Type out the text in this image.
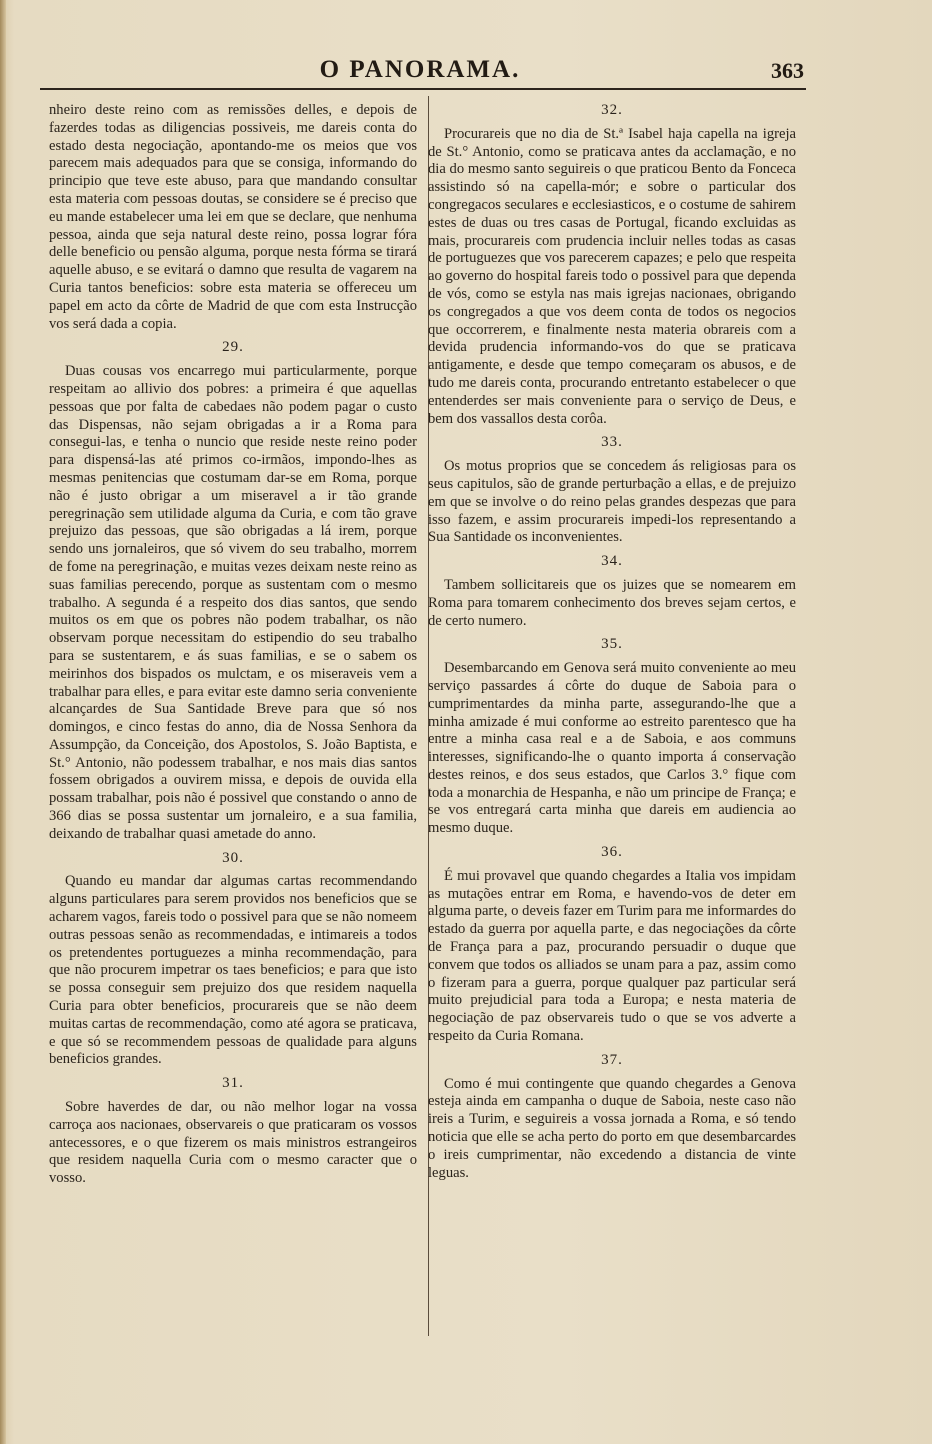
O PANORAMA.	363

nheiro deste reino com as remissões delles, e depois de fazerdes todas as diligencias possiveis, me dareis conta do estado desta negociação, apontando-me os meios que vos parecem mais adequados para que se consiga, informando do principio que teve este abuso, para que mandando consultar esta materia com pessoas doutas, se considere se é preciso que eu mande estabelecer uma lei em que se declare, que nenhuma pessoa, ainda que seja natural deste reino, possa lograr fóra delle beneficio ou pensão alguma, porque nesta fórma se tirará aquelle abuso, e se evitará o damno que resulta de vagarem na Curia tantos beneficios: sobre esta materia se offereceu um papel em acto da côrte de Madrid de que com esta Instrucção vos será dada a copia.

29.

Duas cousas vos encarrego mui particularmente, porque respeitam ao allivio dos pobres: a primeira é que aquellas pessoas que por falta de cabedaes não podem pagar o custo das Dispensas, não sejam obrigadas a ir a Roma para consegui-las, e tenha o nuncio que reside neste reino poder para dispensá-las até primos co-irmãos, impondo-lhes as mesmas penitencias que costumam dar-se em Roma, porque não é justo obrigar a um miseravel a ir tão grande peregrinação sem utilidade alguma da Curia, e com tão grave prejuizo das pessoas, que são obrigadas a lá irem, porque sendo uns jornaleiros, que só vivem do seu trabalho, morrem de fome na peregrinação, e muitas vezes deixam neste reino as suas familias perecendo, porque as sustentam com o mesmo trabalho. A segunda é a respeito dos dias santos, que sendo muitos os em que os pobres não podem trabalhar, os não observam porque necessitam do estipendio do seu trabalho para se sustentarem, e ás suas familias, e se o sabem os meirinhos dos bispados os mulctam, e os miseraveis vem a trabalhar para elles, e para evitar este damno seria conveniente alcançardes de Sua Santidade Breve para que só nos domingos, e cinco festas do anno, dia de Nossa Senhora da Assumpção, da Conceição, dos Apostolos, S. João Baptista, e St.° Antonio, não podessem trabalhar, e nos mais dias santos fossem obrigados a ouvirem missa, e depois de ouvida ella possam trabalhar, pois não é possivel que constando o anno de 366 dias se possa sustentar um jornaleiro, e a sua familia, deixando de trabalhar quasi ametade do anno.

30.

Quando eu mandar dar algumas cartas recommendando alguns particulares para serem providos nos beneficios que se acharem vagos, fareis todo o possivel para que se não nomeem outras pessoas senão as recommendadas, e intimareis a todos os pretendentes portuguezes a minha recommendação, para que não procurem impetrar os taes beneficios; e para que isto se possa conseguir sem prejuizo dos que residem naquella Curia para obter beneficios, procurareis que se não deem muitas cartas de recommendação, como até agora se praticava, e que só se recommendem pessoas de qualidade para alguns beneficios grandes.

31.

Sobre haverdes de dar, ou não melhor logar na vossa carroça aos nacionaes, observareis o que praticaram os vossos antecessores, e o que fizerem os mais ministros estrangeiros que residem naquella Curia com o mesmo caracter que o vosso.

32.

Procurareis que no dia de St.ª Isabel haja capella na igreja de St.° Antonio, como se praticava antes da acclamação, e no dia do mesmo santo seguireis o que praticou Bento da Fonceca assistindo só na capella-mór; e sobre o particular dos congregacos seculares e ecclesiasticos, e o costume de sahirem estes de duas ou tres casas de Portugal, ficando excluidas as mais, procurareis com prudencia incluir nelles todas as casas de portuguezes que vos parecerem capazes; e pelo que respeita ao governo do hospital fareis todo o possivel para que dependa de vós, como se estyla nas mais igrejas nacionaes, obrigando os congregados a que vos deem conta de todos os negocios que occorrerem, e finalmente nesta materia obrareis com a devida prudencia informando-vos do que se praticava antigamente, e desde que tempo começaram os abusos, e de tudo me dareis conta, procurando entretanto estabelecer o que entenderdes ser mais conveniente para o serviço de Deus, e bem dos vassallos desta corôa.

33.

Os motus proprios que se concedem ás religiosas para os seus capitulos, são de grande perturbação a ellas, e de prejuizo em que se involve o do reino pelas grandes despezas que para isso fazem, e assim procurareis impedi-los representando a Sua Santidade os inconvenientes.

34.

Tambem sollicitareis que os juizes que se nomearem em Roma para tomarem conhecimento dos breves sejam certos, e de certo numero.

35.

Desembarcando em Genova será muito conveniente ao meu serviço passardes á côrte do duque de Saboia para o cumprimentardes da minha parte, assegurando-lhe que a minha amizade é mui conforme ao estreito parentesco que ha entre a minha casa real e a de Saboia, e aos communs interesses, significando-lhe o quanto importa á conservação destes reinos, e dos seus estados, que Carlos 3.° fique com toda a monarchia de Hespanha, e não um principe de França; e se vos entregará carta minha que dareis em audiencia ao mesmo duque.

36.

É mui provavel que quando chegardes a Italia vos impidam as mutações entrar em Roma, e havendo-vos de deter em alguma parte, o deveis fazer em Turim para me informardes do estado da guerra por aquella parte, e das negociações da côrte de França para a paz, procurando persuadir o duque que convem que todos os alliados se unam para a paz, assim como o fizeram para a guerra, porque qualquer paz particular será muito prejudicial para toda a Europa; e nesta materia de negociação de paz observareis tudo o que se vos adverte a respeito da Curia Romana.

37.

Como é mui contingente que quando chegardes a Genova esteja ainda em campanha o duque de Saboia, neste caso não ireis a Turim, e seguireis a vossa jornada a Roma, e só tendo noticia que elle se acha perto do porto em que desembarcardes o ireis cumprimentar, não excedendo a distancia de vinte leguas.
